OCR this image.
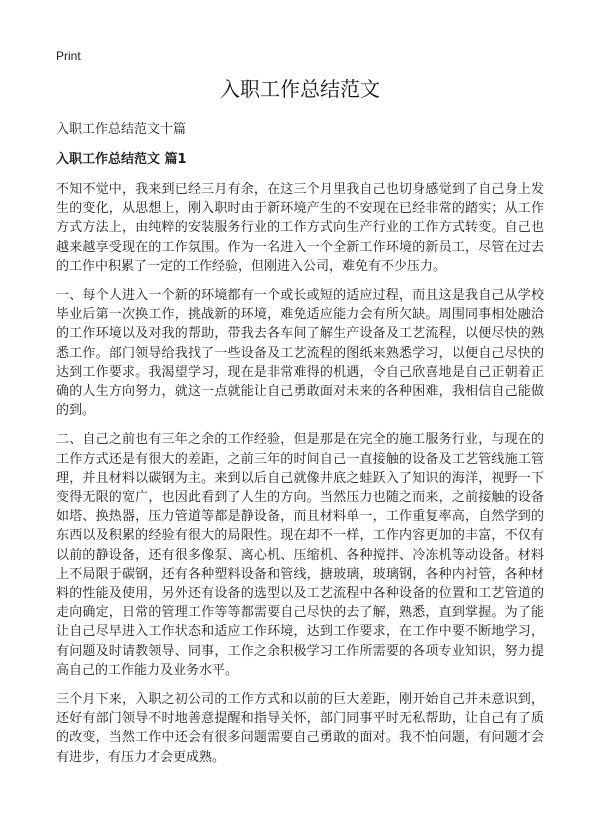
Print
入职工作总结范文

入职工作总结范文十篇

入职工作总结范文 篇1

不知不觉中，我来到已经三月有余，在这三个月里我自己也切身感觉到了自己身上发生的变化，从思想上，刚入职时由于新环境产生的不安现在已经非常的踏实；从工作方式方法上，由纯粹的安装服务行业的工作方式向生产行业的工作方式转变。自己也越来越享受现在的工作氛围。作为一名进入一个全新工作环境的新员工，尽管在过去的工作中积累了一定的工作经验，但刚进入公司，难免有不少压力。

一、每个人进入一个新的环境都有一个或长或短的适应过程，而且这是我自己从学校毕业后第一次换工作，挑战新的环境，难免适应能力会有所欠缺。周围同事相处融洽的工作环境以及对我的帮助，带我去各车间了解生产设备及工艺流程，以便尽快的熟悉工作。部门领导给我找了一些设备及工艺流程的图纸来熟悉学习，以便自己尽快的达到工作要求。我渴望学习，现在是非常难得的机遇，令自己欣喜地是自己正朝着正确的人生方向努力，就这一点就能让自己勇敢面对未来的各种困难，我相信自己能做的到。

二、自己之前也有三年之余的工作经验，但是那是在完全的施工服务行业，与现在的工作方式还是有很大的差距，之前三年的时间自己一直接触的设备及工艺管线施工管理，并且材料以碳钢为主。来到以后自己就像井底之蛙跃入了知识的海洋，视野一下变得无限的宽广，也因此看到了人生的方向。当然压力也随之而来，之前接触的设备如塔、换热器，压力管道等都是静设备，而且材料单一，工作重复率高，自然学到的东西以及积累的经验有很大的局限性。现在却不一样，工作内容更加的丰富，不仅有以前的静设备，还有很多像泵、离心机、压缩机、各种搅拌、冷冻机等动设备。材料上不局限于碳钢，还有各种塑料设备和管线，搪玻璃，玻璃钢，各种内衬管，各种材料的性能及使用，另外还有设备的选型以及工艺流程中各种设备的位置和工艺管道的走向确定，日常的管理工作等等都需要自己尽快的去了解，熟悉，直到掌握。为了能让自己尽早进入工作状态和适应工作环境，达到工作要求，在工作中要不断地学习，有问题及时请教领导、同事，工作之余积极学习工作所需要的各项专业知识，努力提高自己的工作能力及业务水平。

三个月下来，入职之初公司的工作方式和以前的巨大差距，刚开始自己并未意识到，还好有部门领导不时地善意提醒和指导关怀，部门同事平时无私帮助，让自己有了质的改变，当然工作中还会有很多问题需要自己勇敢的面对。我不怕问题，有问题才会有进步，有压力才会更成熟。
